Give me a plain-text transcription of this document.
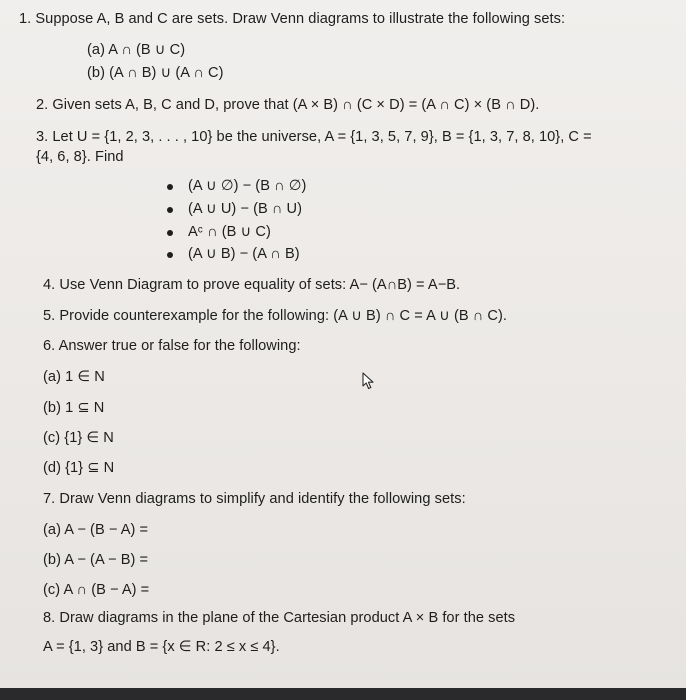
1. Suppose A, B and C are sets. Draw Venn diagrams to illustrate the following sets:
(a) A ∩ (B ∪ C)
(b) (A ∩ B) ∪ (A ∩ C)
2. Given sets A, B, C and D, prove that (A × B) ∩ (C × D) = (A ∩ C) × (B ∩ D).
3. Let U = {1, 2, 3, . . . , 10} be the universe, A = {1, 3, 5, 7, 9}, B = {1, 3, 7, 8, 10}, C =
{4, 6, 8}. Find
(A ∪ ∅) − (B ∩ ∅)
(A ∪ U) − (B ∩ U)
Aᶜ ∩ (B ∪ C)
(A ∪ B) − (A ∩ B)
4. Use Venn Diagram to prove equality of sets: A− (A∩B) = A−B.
5. Provide counterexample for the following: (A ∪ B) ∩ C = A ∪ (B ∩ C).
6. Answer true or false for the following:
(a) 1 ∈ N
(b) 1 ⊆ N
(c) {1} ∈ N
(d) {1} ⊆ N
7. Draw Venn diagrams to simplify and identify the following sets:
(a) A − (B − A) =
(b) A − (A − B) =
(c) A ∩ (B − A) =
8. Draw diagrams in the plane of the Cartesian product A × B for the sets
A = {1, 3} and B = {x ∈ R: 2 ≤ x ≤ 4}.
